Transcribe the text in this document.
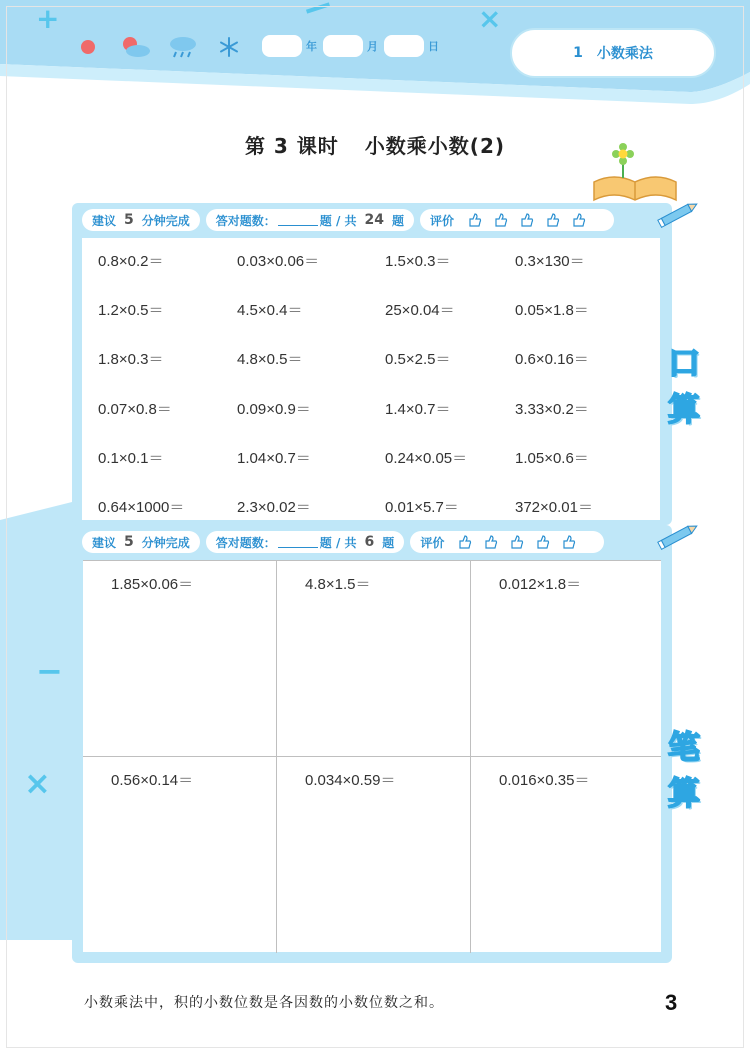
+	×
−
×
年	月	日	1 小数乘法
第 3 课时 小数乘小数(2)
建议 5 分钟完成 答对题数：	题 / 共 24 题 评价
口
算
0.8×0.2＝	0.03×0.06＝	1.5×0.3＝	0.3×130＝
1.2×0.5＝	4.5×0.4＝	25×0.04＝	0.05×1.8＝
1.8×0.3＝	4.8×0.5＝	0.5×2.5＝	0.6×0.16＝
0.07×0.8＝	0.09×0.9＝	1.4×0.7＝	3.33×0.2＝
0.1×0.1＝	1.04×0.7＝	0.24×0.05＝	1.05×0.6＝
0.64×1000＝	2.3×0.02＝	0.01×5.7＝	372×0.01＝
建议 5 分钟完成 答对题数：	题 / 共 6 题 评价
笔
算
1.85×0.06＝	4.8×1.5＝	0.012×1.8＝
0.56×0.14＝	0.034×0.59＝	0.016×0.35＝
小数乘法中，积的小数位数是各因数的小数位数之和。	3
